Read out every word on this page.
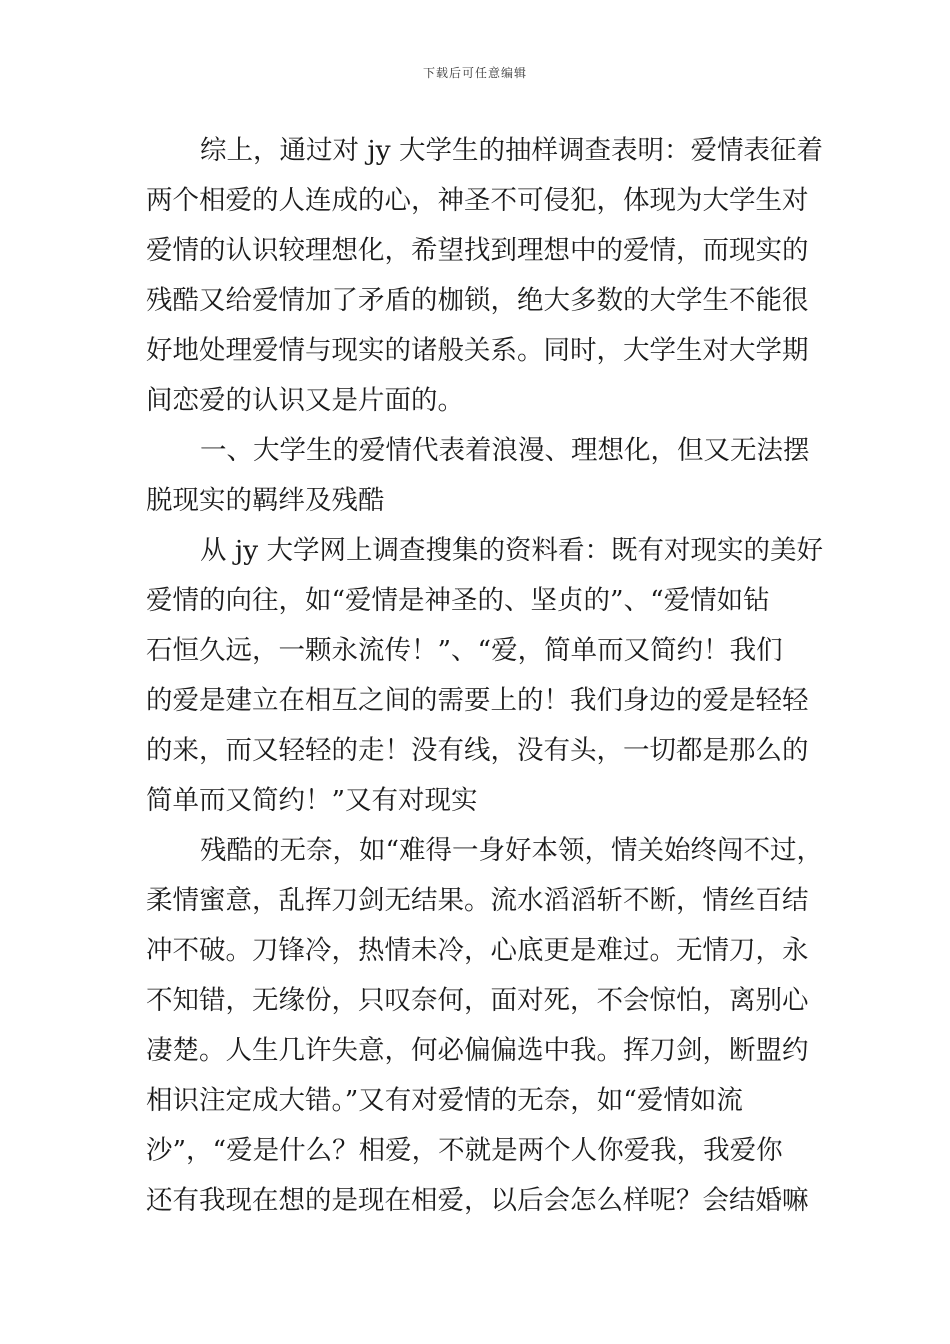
下载后可任意编辑
综上，通过对 jy 大学生的抽样调查表明：爱情表征着
两个相爱的人连成的心，神圣不可侵犯，体现为大学生对
爱情的认识较理想化，希望找到理想中的爱情，而现实的
残酷又给爱情加了矛盾的枷锁，绝大多数的大学生不能很
好地处理爱情与现实的诸般关系。同时，大学生对大学期
间恋爱的认识又是片面的。
一、大学生的爱情代表着浪漫、理想化，但又无法摆
脱现实的羁绊及残酷
从 jy 大学网上调查搜集的资料看：既有对现实的美好
爱情的向往，如“爱情是神圣的、坚贞的”、“爱情如钻
石恒久远，一颗永流传！”、“爱，简单而又简约！我们
的爱是建立在相互之间的需要上的！我们身边的爱是轻轻
的来，而又轻轻的走！没有线，没有头，一切都是那么的
简单而又简约！”又有对现实
残酷的无奈，如“难得一身好本领，情关始终闯不过，
柔情蜜意，乱挥刀剑无结果。流水滔滔斩不断，情丝百结
冲不破。刀锋冷，热情未冷，心底更是难过。无情刀，永
不知错，无缘份，只叹奈何，面对死，不会惊怕，离别心
凄楚。人生几许失意，何必偏偏选中我。挥刀剑，断盟约
相识注定成大错。”又有对爱情的无奈，如“爱情如流
沙”，“爱是什么？相爱，不就是两个人你爱我，我爱你
还有我现在想的是现在相爱，以后会怎么样呢？会结婚嘛
